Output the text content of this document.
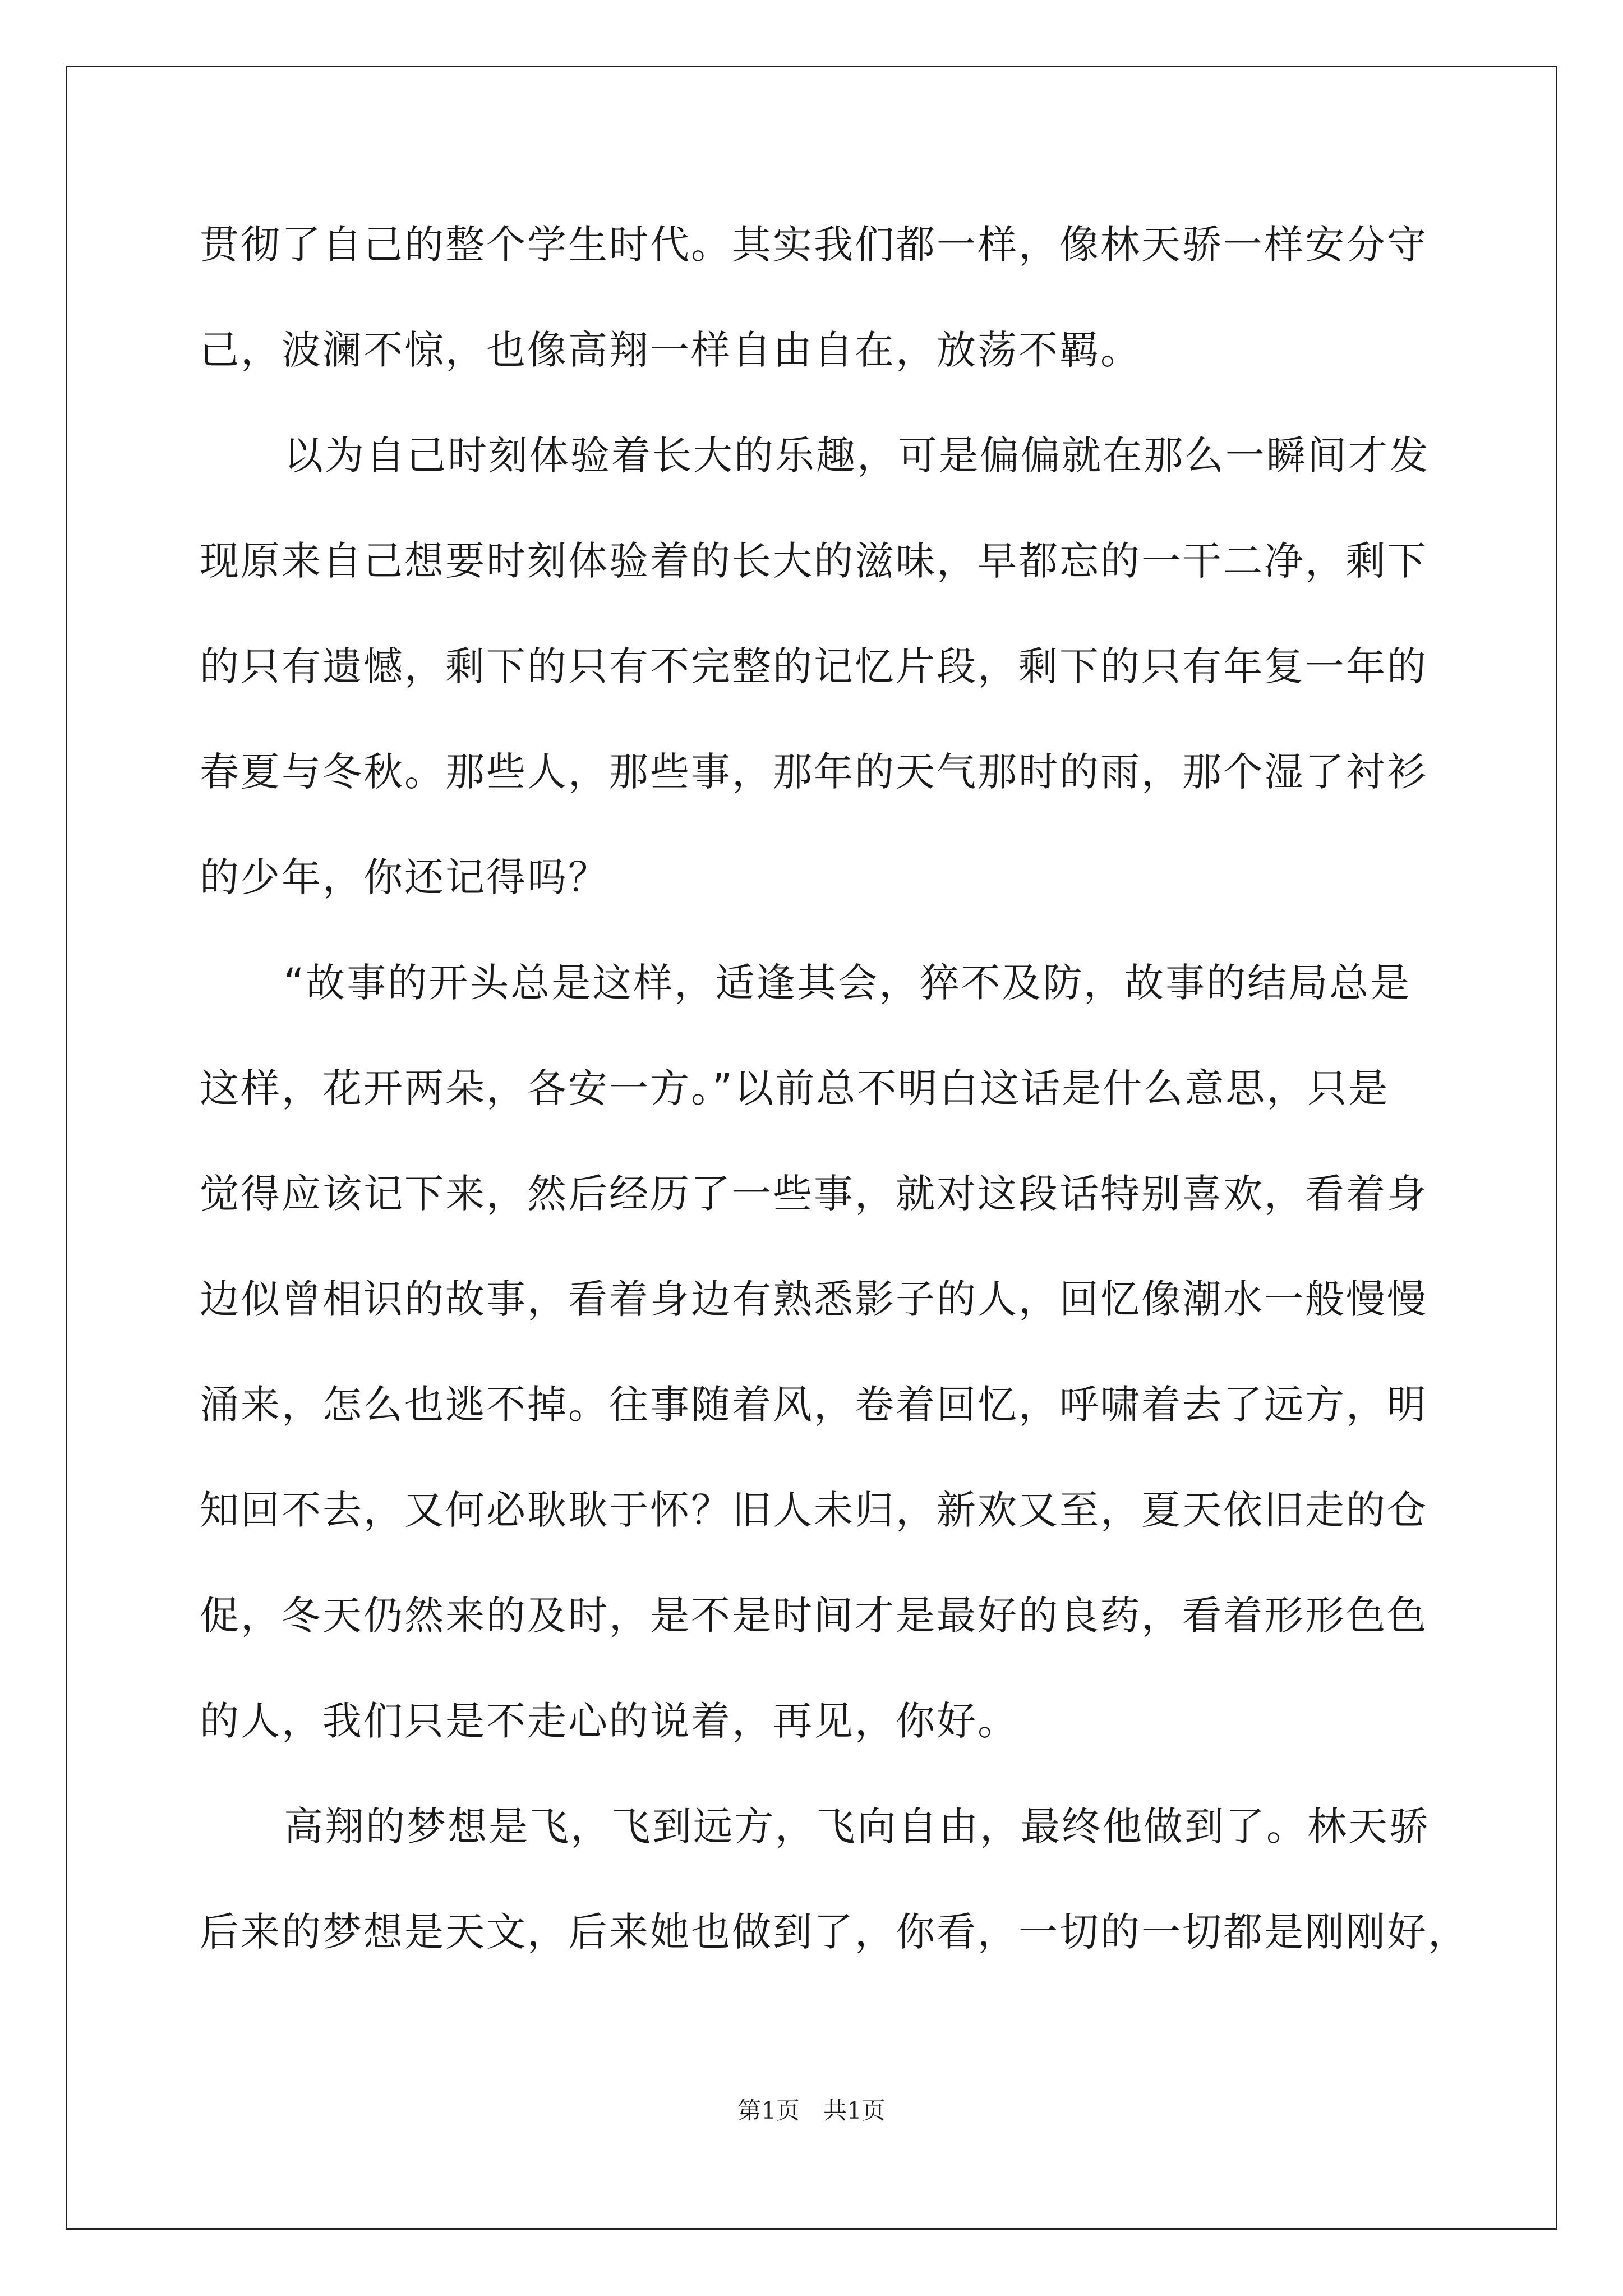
贯彻了自己的整个学生时代。其实我们都一样，像林天骄一样安分守
己，波澜不惊，也像高翔一样自由自在，放荡不羁。
以为自己时刻体验着长大的乐趣，可是偏偏就在那么一瞬间才发
现原来自己想要时刻体验着的长大的滋味，早都忘的一干二净，剩下
的只有遗憾，剩下的只有不完整的记忆片段，剩下的只有年复一年的
春夏与冬秋。那些人，那些事，那年的天气那时的雨，那个湿了衬衫
的少年，你还记得吗？
“故事的开头总是这样，适逢其会，猝不及防，故事的结局总是
这样，花开两朵，各安一方。”以前总不明白这话是什么意思，只是
觉得应该记下来，然后经历了一些事，就对这段话特别喜欢，看着身
边似曾相识的故事，看着身边有熟悉影子的人，回忆像潮水一般慢慢
涌来，怎么也逃不掉。往事随着风，卷着回忆，呼啸着去了远方，明
知回不去，又何必耿耿于怀？旧人未归，新欢又至，夏天依旧走的仓
促，冬天仍然来的及时，是不是时间才是最好的良药，看着形形色色
的人，我们只是不走心的说着，再见，你好。
高翔的梦想是飞，飞到远方，飞向自由，最终他做到了。林天骄
后来的梦想是天文，后来她也做到了，你看，一切的一切都是刚刚好，
第1页　共1页
